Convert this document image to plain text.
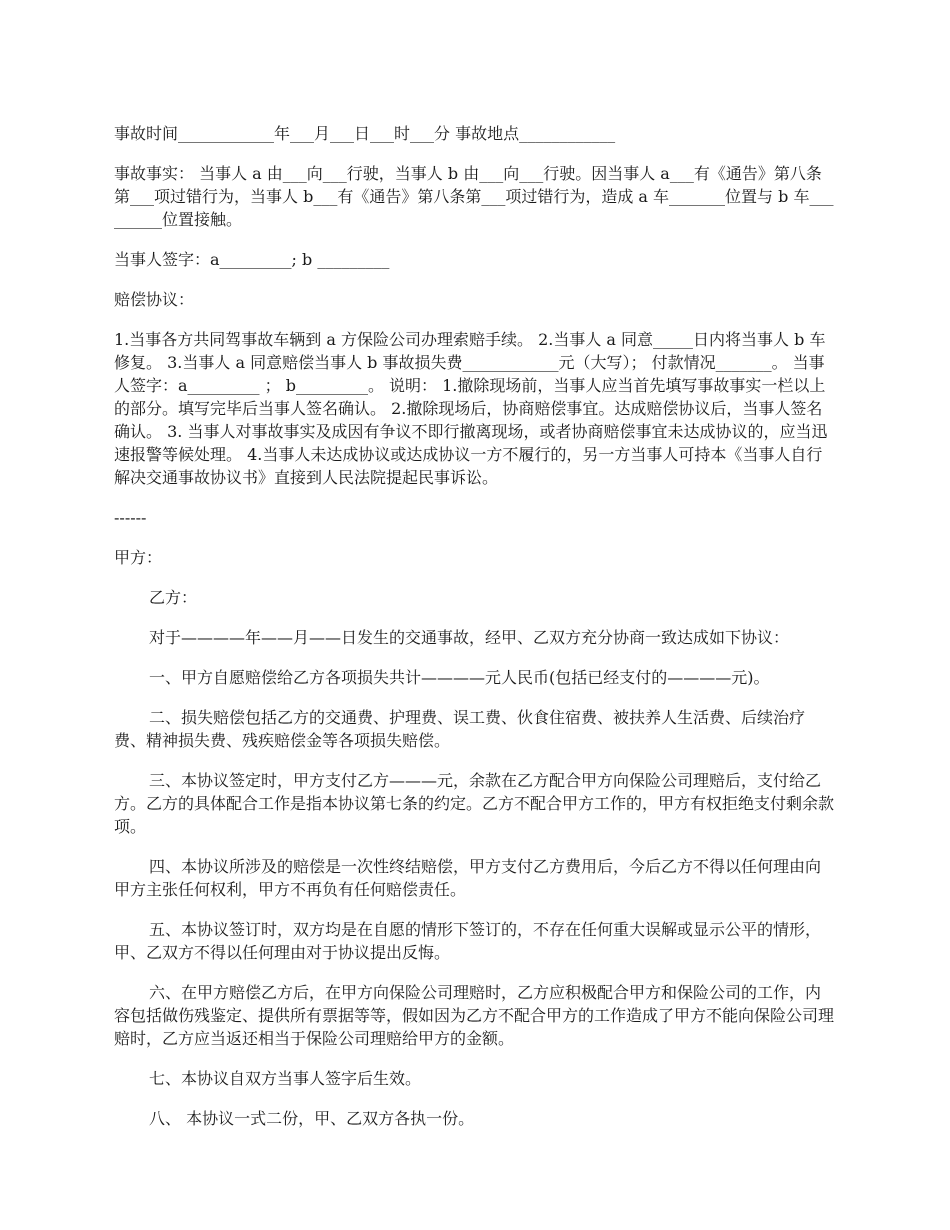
事故时间____________年___月___日___时___分 事故地点____________

事故事实： 当事人 a 由___向___行驶，当事人 b 由___向___行驶。因当事人 a___有《通告》第八条第___项过错行为，当事人 b___有《通告》第八条第___项过错行为，造成 a 车_______位置与 b 车_________位置接触。

当事人签字：a_________; b _________

赔偿协议：

1.当事各方共同驾事故车辆到 a 方保险公司办理索赔手续。 2.当事人 a 同意_____日内将当事人 b 车修复。 3.当事人 a 同意赔偿当事人 b 事故损失费____________元（大写）； 付款情况_______。 当事人签字：a_________ ； b_________。 说明： 1.撤除现场前，当事人应当首先填写事故事实一栏以上的部分。填写完毕后当事人签名确认。 2.撤除现场后，协商赔偿事宜。达成赔偿协议后，当事人签名确认。 3. 当事人对事故事实及成因有争议不即行撤离现场，或者协商赔偿事宜未达成协议的，应当迅速报警等候处理。 4.当事人未达成协议或达成协议一方不履行的，另一方当事人可持本《当事人自行解决交通事故协议书》直接到人民法院提起民事诉讼。

------

甲方：

乙方：

对于————年——月——日发生的交通事故，经甲、乙双方充分协商一致达成如下协议：

一、甲方自愿赔偿给乙方各项损失共计————元人民币(包括已经支付的————元)。

二、损失赔偿包括乙方的交通费、护理费、误工费、伙食住宿费、被扶养人生活费、后续治疗费、精神损失费、残疾赔偿金等各项损失赔偿。

三、本协议签定时，甲方支付乙方———元，余款在乙方配合甲方向保险公司理赔后，支付给乙方。乙方的具体配合工作是指本协议第七条的约定。乙方不配合甲方工作的，甲方有权拒绝支付剩余款项。

四、本协议所涉及的赔偿是一次性终结赔偿，甲方支付乙方费用后，今后乙方不得以任何理由向甲方主张任何权利，甲方不再负有任何赔偿责任。

五、本协议签订时，双方均是在自愿的情形下签订的，不存在任何重大误解或显示公平的情形，甲、乙双方不得以任何理由对于协议提出反悔。

六、在甲方赔偿乙方后，在甲方向保险公司理赔时，乙方应积极配合甲方和保险公司的工作，内容包括做伤残鉴定、提供所有票据等等，假如因为乙方不配合甲方的工作造成了甲方不能向保险公司理赔时，乙方应当返还相当于保险公司理赔给甲方的金额。

七、本协议自双方当事人签字后生效。

八、 本协议一式二份，甲、乙双方各执一份。
